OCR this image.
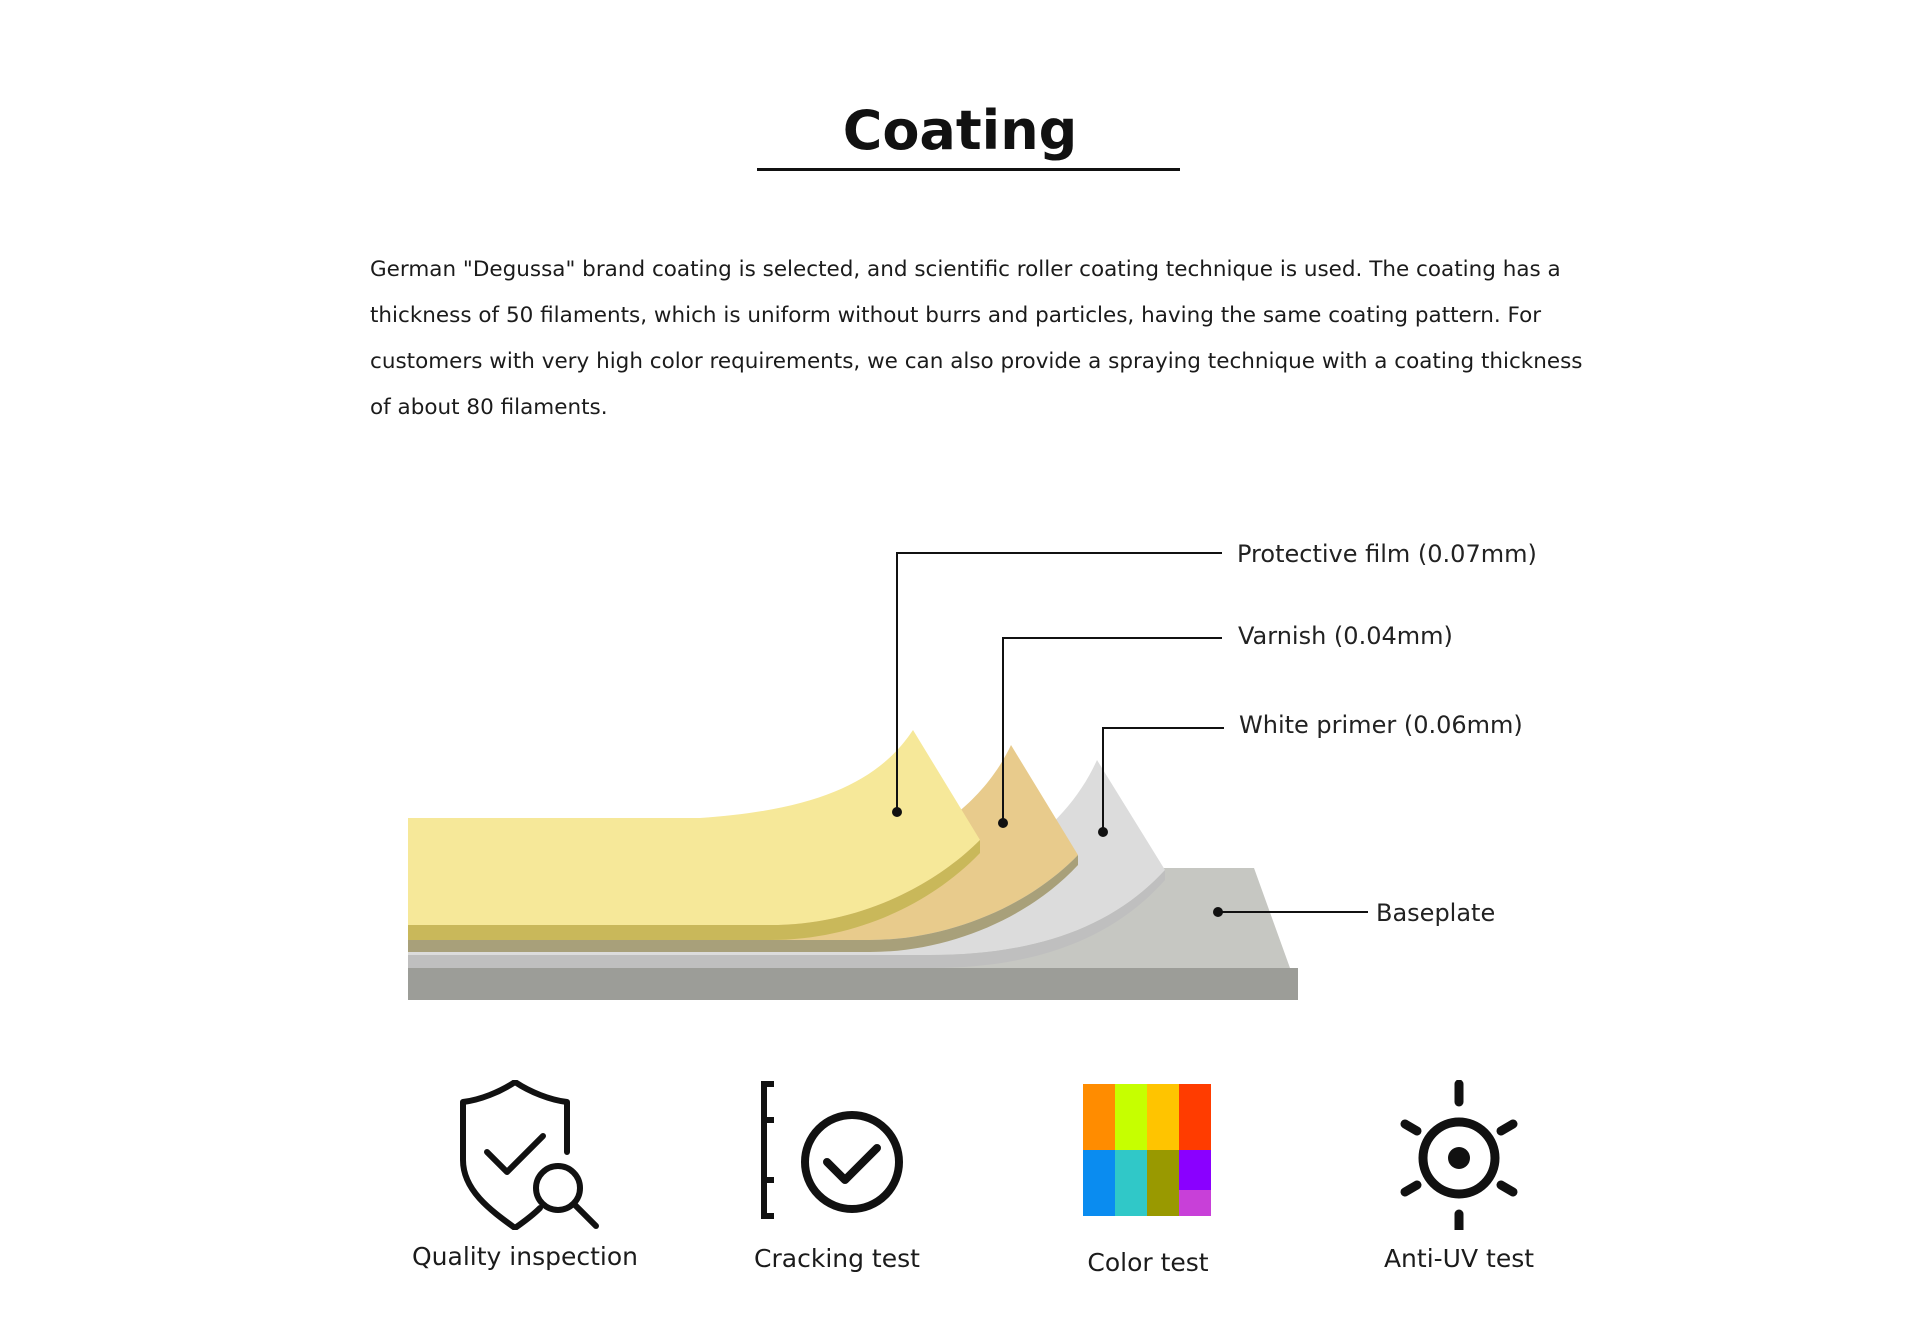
Coating

German "Degussa" brand coating is selected, and scientific roller coating technique is used. The coating has a thickness of 50 filaments, which is uniform without burrs and particles, having the same coating pattern. For customers with very high color requirements, we can also provide a spraying technique with a coating thickness of about 80 filaments.

Protective film (0.07mm)
Varnish (0.04mm)
White primer (0.06mm)
Baseplate
Quality inspection	Cracking test	Color test	Anti-UV test
